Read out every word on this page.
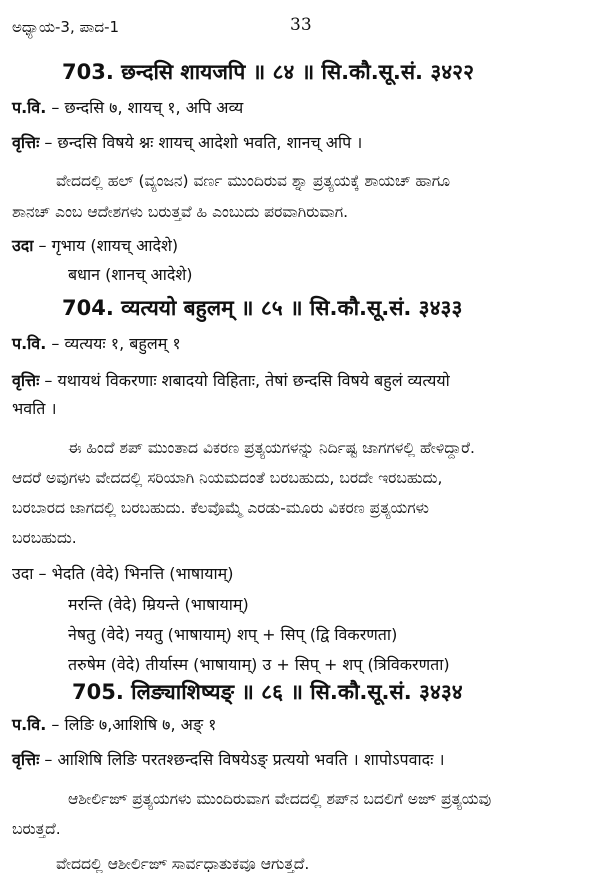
ಅಧ್ಯಾಯ-3, ಪಾದ-1	33
703. छन्दसि शायजपि ॥ ८४ ॥ सि.कौ.सू.सं. ३४२२
प.वि. – छन्दसि ७, शायच् १, अपि अव्य
वृत्तिः – छन्दसि विषये श्नः शायच् आदेशो भवति, शानच् अपि ।
ವೇದದಲ್ಲಿ ಹಲ್ (ವ್ಯಂಜನ) ವರ್ಣ ಮುಂದಿರುವ ಶ್ನಾ ಪ್ರತ್ಯಯಕ್ಕೆ ಶಾಯಚ್ ಹಾಗೂ
ಶಾನಚ್ ಎಂಬ ಆದೇಶಗಳು ಬರುತ್ತವೆ ಹಿ ಎಂಬುದು ಪರವಾಗಿರುವಾಗ.
उदा – गृभाय (शायच् आदेशे)
बधान (शानच् आदेशे)
704. व्यत्ययो बहुलम् ॥ ८५ ॥ सि.कौ.सू.सं. ३४३३
प.वि. – व्यत्ययः १, बहुलम् १
वृत्तिः – यथायथं विकरणाः शबादयो विहिताः, तेषां छन्दसि विषये बहुलं व्यत्ययो
भवति ।
ಈ ಹಿಂದೆ ಶಪ್ ಮುಂತಾದ ವಿಕರಣ ಪ್ರತ್ಯಯಗಳನ್ನು ನಿರ್ದಿಷ್ಟ ಜಾಗಗಳಲ್ಲಿ ಹೇಳಿದ್ದಾರೆ.
ಆದರೆ ಅವುಗಳು ವೇದದಲ್ಲಿ ಸರಿಯಾಗಿ ನಿಯಮದಂತೆ ಬರಬಹುದು, ಬರದೇ ಇರಬಹುದು,
ಬರಬಾರದ ಜಾಗದಲ್ಲಿ ಬರಬಹುದು. ಕೆಲವೊಮ್ಮೆ ಎರಡು-ಮೂರು ವಿಕರಣ ಪ್ರತ್ಯಯಗಳು
ಬರಬಹುದು.
उदा – भेदति (वेदे) भिनत्ति (भाषायाम्)
मरन्ति (वेदे) म्रियन्ते (भाषायाम्)
नेषतु (वेदे) नयतु (भाषायाम्) शप् + सिप् (द्वि विकरणता)
तरुषेम (वेदे) तीर्यास्म (भाषायाम्) उ + सिप् + शप् (त्रिविकरणता)
705. लिङ्याशिष्यङ् ॥ ८६ ॥ सि.कौ.सू.सं. ३४३४
प.वि. – लिङि ७,आशिषि ७, अङ् १
वृत्तिः – आशिषि लिङि परतश्छन्दसि विषयेऽङ् प्रत्ययो भवति । शापोऽपवादः ।
ಆಶೀರ್ಲಿಙ್ ಪ್ರತ್ಯಯಗಳು ಮುಂದಿರುವಾಗ ವೇದದಲ್ಲಿ ಶಪ್‌ನ ಬದಲಿಗೆ ಅಙ್ ಪ್ರತ್ಯಯವು
ಬರುತ್ತದೆ.
ವೇದದಲ್ಲಿ ಆಶೀರ್ಲಿಙ್ ಸಾರ್ವಧಾತುಕವೂ ಆಗುತ್ತದೆ.
